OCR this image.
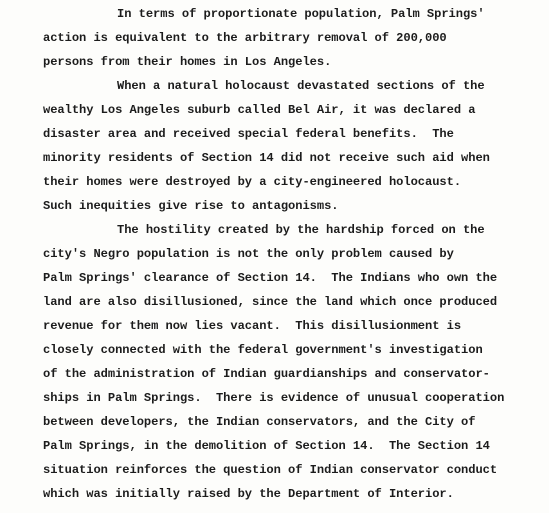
In terms of proportionate population, Palm Springs'
action is equivalent to the arbitrary removal of 200,000
persons from their homes in Los Angeles.
When a natural holocaust devastated sections of the
wealthy Los Angeles suburb called Bel Air, it was declared a
disaster area and received special federal benefits.  The
minority residents of Section 14 did not receive such aid when
their homes were destroyed by a city-engineered holocaust.
Such inequities give rise to antagonisms.
The hostility created by the hardship forced on the
city's Negro population is not the only problem caused by
Palm Springs' clearance of Section 14.  The Indians who own the
land are also disillusioned, since the land which once produced
revenue for them now lies vacant.  This disillusionment is
closely connected with the federal government's investigation
of the administration of Indian guardianships and conservator-
ships in Palm Springs.  There is evidence of unusual cooperation
between developers, the Indian conservators, and the City of
Palm Springs, in the demolition of Section 14.  The Section 14
situation reinforces the question of Indian conservator conduct
which was initially raised by the Department of Interior.
